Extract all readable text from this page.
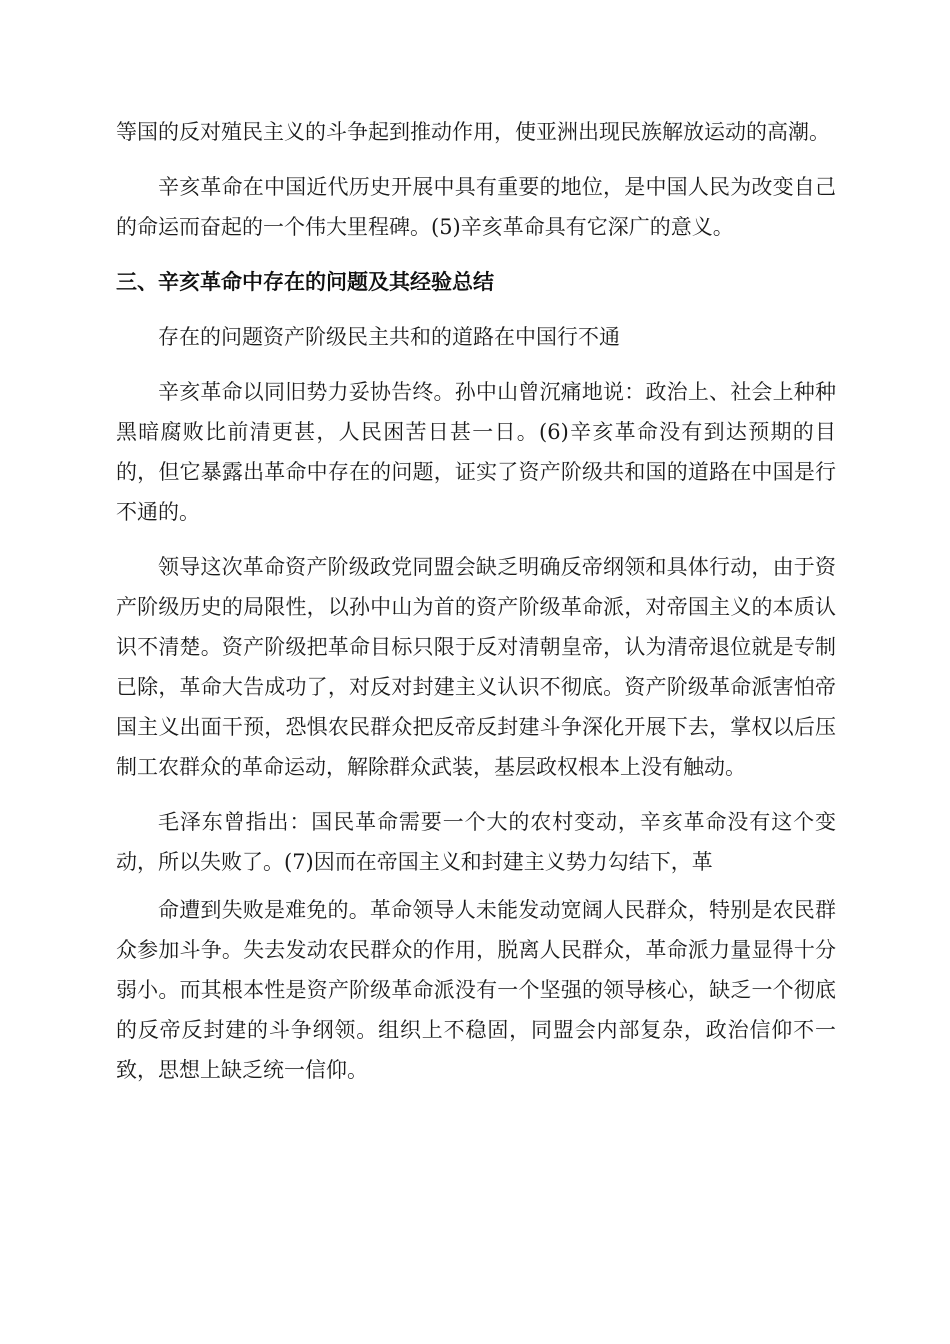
等国的反对殖民主义的斗争起到推动作用，使亚洲出现民族解放运动的高潮。

辛亥革命在中国近代历史开展中具有重要的地位，是中国人民为改变自己的命运而奋起的一个伟大里程碑。(5)辛亥革命具有它深广的意义。

三、辛亥革命中存在的问题及其经验总结

存在的问题资产阶级民主共和的道路在中国行不通

辛亥革命以同旧势力妥协告终。孙中山曾沉痛地说：政治上、社会上种种黑暗腐败比前清更甚，人民困苦日甚一日。(6)辛亥革命没有到达预期的目的，但它暴露出革命中存在的问题，证实了资产阶级共和国的道路在中国是行不通的。

领导这次革命资产阶级政党同盟会缺乏明确反帝纲领和具体行动，由于资产阶级历史的局限性，以孙中山为首的资产阶级革命派，对帝国主义的本质认识不清楚。资产阶级把革命目标只限于反对清朝皇帝，认为清帝退位就是专制已除，革命大告成功了，对反对封建主义认识不彻底。资产阶级革命派害怕帝国主义出面干预，恐惧农民群众把反帝反封建斗争深化开展下去，掌权以后压制工农群众的革命运动，解除群众武装，基层政权根本上没有触动。

毛泽东曾指出：国民革命需要一个大的农村变动，辛亥革命没有这个变动，所以失败了。(7)因而在帝国主义和封建主义势力勾结下，革

命遭到失败是难免的。革命领导人未能发动宽阔人民群众，特别是农民群众参加斗争。失去发动农民群众的作用，脱离人民群众，革命派力量显得十分弱小。而其根本性是资产阶级革命派没有一个坚强的领导核心，缺乏一个彻底的反帝反封建的斗争纲领。组织上不稳固，同盟会内部复杂，政治信仰不一致，思想上缺乏统一信仰。
